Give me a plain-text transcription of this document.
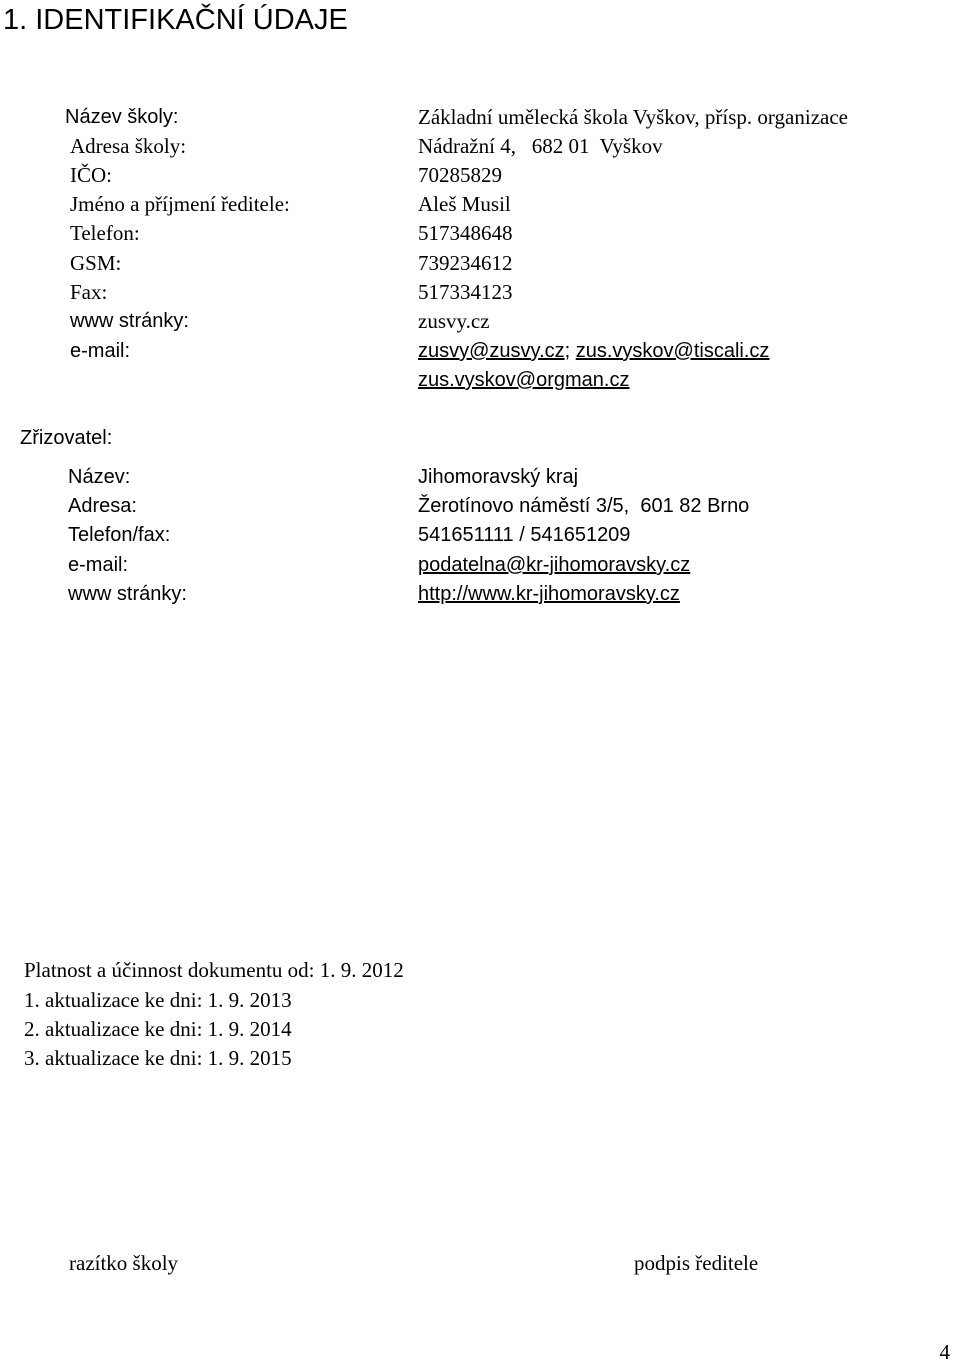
1. IDENTIFIKAČNÍ ÚDAJE
Název školy:	Základní umělecká škola Vyškov, přísp. organizace
Adresa školy:	Nádražní 4,   682 01  Vyškov
IČO:	70285829
Jméno a příjmení ředitele:	Aleš Musil
Telefon:	517348648
GSM:	739234612
Fax:	517334123
www stránky:	zusvy.cz
e-mail:	zusvy@zusvy.cz; zus.vyskov@tiscali.cz
zus.vyskov@orgman.cz
Zřizovatel:
Název:	Jihomoravský kraj
Adresa:	Žerotínovo náměstí 3/5,  601 82 Brno
Telefon/fax:	541651111 / 541651209
e-mail:	podatelna@kr-jihomoravsky.cz
www stránky:	http://www.kr-jihomoravsky.cz
Platnost a účinnost dokumentu od: 1. 9. 2012
1. aktualizace ke dni: 1. 9. 2013
2. aktualizace ke dni: 1. 9. 2014
3. aktualizace ke dni: 1. 9. 2015
razítko školy	podpis ředitele
4
